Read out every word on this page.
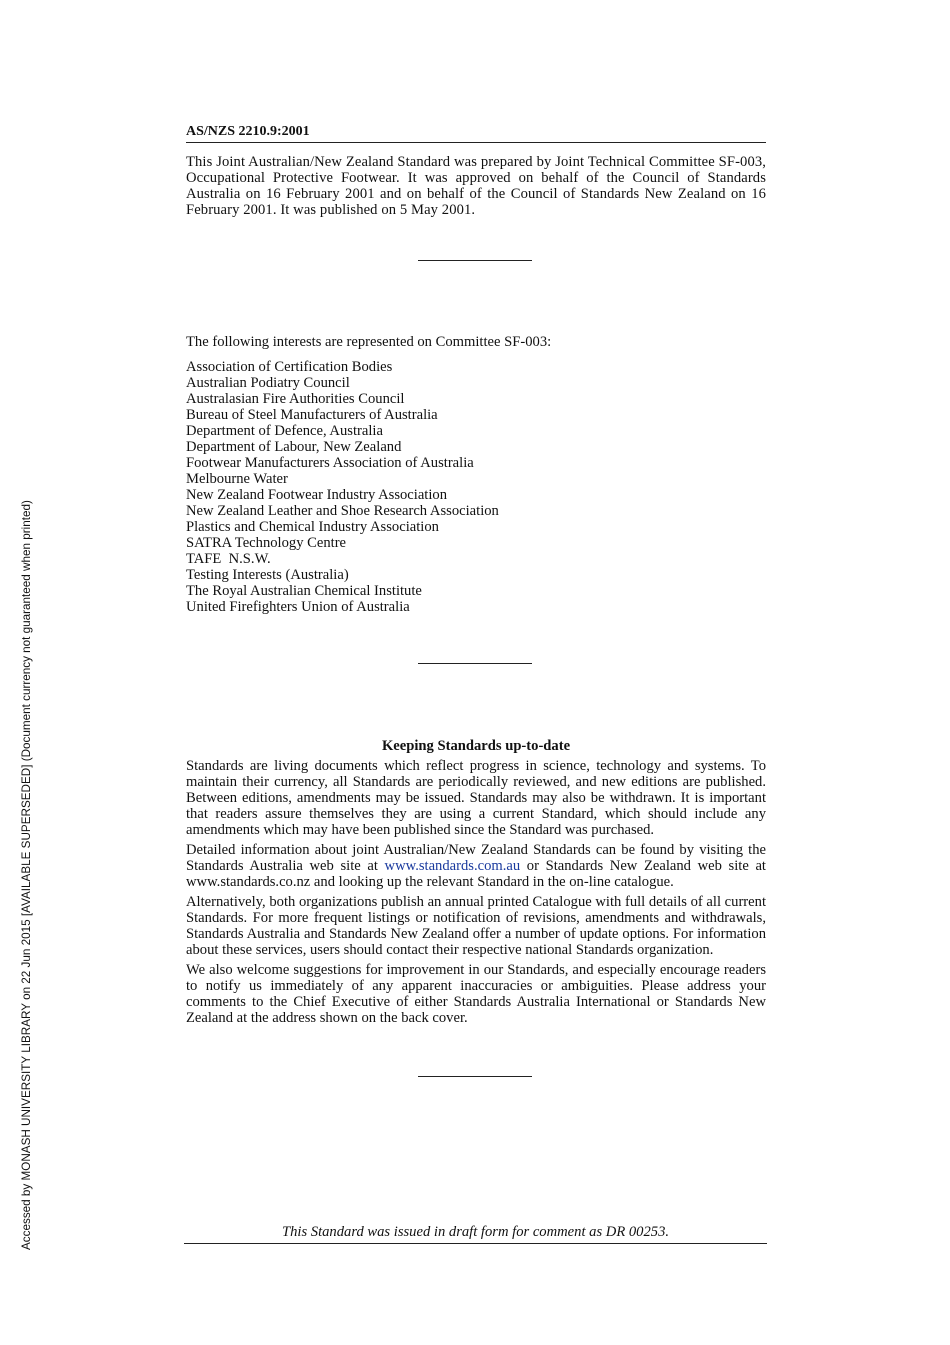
Accessed by MONASH UNIVERSITY LIBRARY on 22 Jun 2015 [AVAILABLE SUPERSEDED] (Document currency not guaranteed when printed)
AS/NZS 2210.9:2001

This Joint Australian/New Zealand Standard was prepared by Joint Technical Committee SF-003, Occupational Protective Footwear. It was approved on behalf of the Council of Standards Australia on 16 February 2001 and on behalf of the Council of Standards New Zealand on 16 February 2001. It was published on 5 May 2001.

The following interests are represented on Committee SF-003:

Association of Certification Bodies
Australian Podiatry Council
Australasian Fire Authorities Council
Bureau of Steel Manufacturers of Australia
Department of Defence, Australia
Department of Labour, New Zealand
Footwear Manufacturers Association of Australia
Melbourne Water
New Zealand Footwear Industry Association
New Zealand Leather and Shoe Research Association
Plastics and Chemical Industry Association
SATRA Technology Centre
TAFE  N.S.W.
Testing Interests (Australia)
The Royal Australian Chemical Institute
United Firefighters Union of Australia
Keeping Standards up-to-date

Standards are living documents which reflect progress in science, technology and systems. To maintain their currency, all Standards are periodically reviewed, and new editions are published. Between editions, amendments may be issued. Standards may also be withdrawn. It is important that readers assure themselves they are using a current Standard, which should include any amendments which may have been published since the Standard was purchased.

Detailed information about joint Australian/New Zealand Standards can be found by visiting the Standards Australia web site at www.standards.com.au or Standards New Zealand web site at www.standards.co.nz and looking up the relevant Standard in the on-line catalogue.

Alternatively, both organizations publish an annual printed Catalogue with full details of all current Standards. For more frequent listings or notification of revisions, amendments and withdrawals, Standards Australia and Standards New Zealand offer a number of update options. For information about these services, users should contact their respective national Standards organization.

We also welcome suggestions for improvement in our Standards, and especially encourage readers to notify us immediately of any apparent inaccuracies or ambiguities. Please address your comments to the Chief Executive of either Standards Australia International or Standards New Zealand at the address shown on the back cover.

This Standard was issued in draft form for comment as DR 00253.
